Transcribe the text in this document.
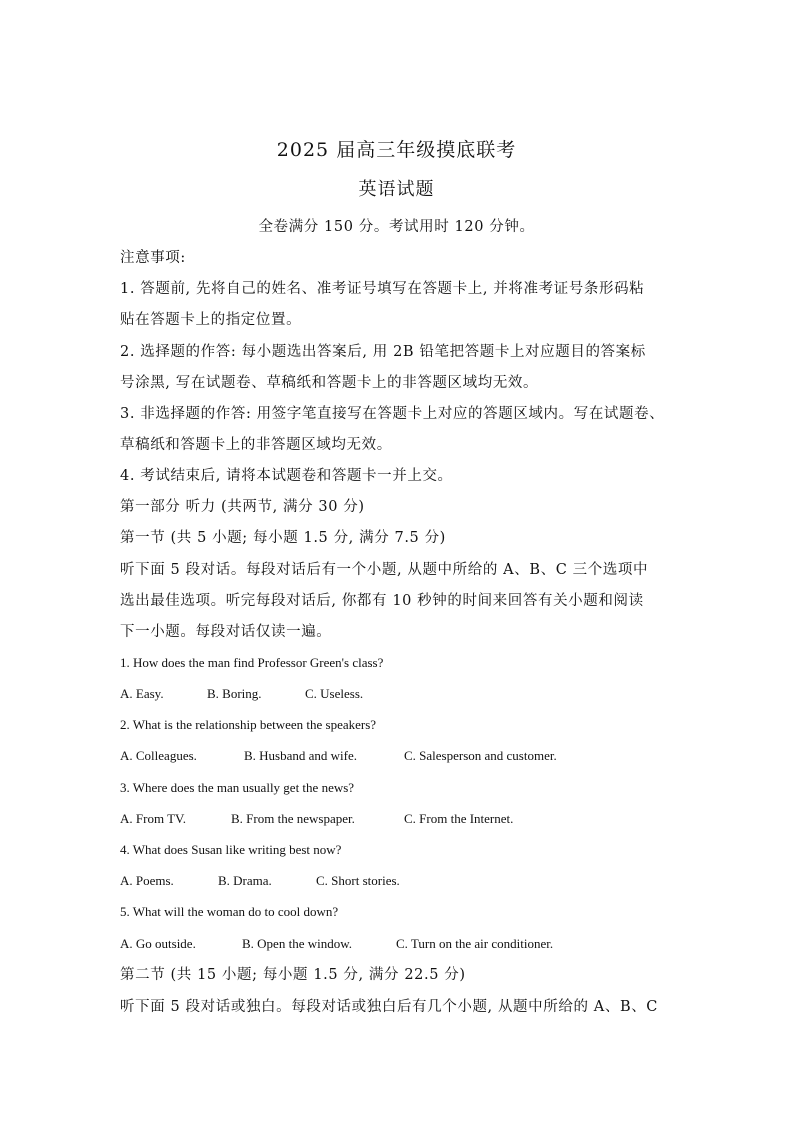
2025 届高三年级摸底联考
英语试题
全卷满分 150 分。考试用时 120 分钟。
注意事项:
1. 答题前, 先将自己的姓名、准考证号填写在答题卡上, 并将准考证号条形码粘
贴在答题卡上的指定位置。
2. 选择题的作答: 每小题选出答案后, 用 2B 铅笔把答题卡上对应题目的答案标
号涂黑, 写在试题卷、草稿纸和答题卡上的非答题区域均无效。
3. 非选择题的作答: 用签字笔直接写在答题卡上对应的答题区域内。写在试题卷、
草稿纸和答题卡上的非答题区域均无效。
4. 考试结束后, 请将本试题卷和答题卡一并上交。
第一部分 听力 (共两节, 满分 30 分)
第一节 (共 5 小题; 每小题 1.5 分, 满分 7.5 分)
听下面 5 段对话。每段对话后有一个小题, 从题中所给的 A、B、C 三个选项中
选出最佳选项。听完每段对话后, 你都有 10 秒钟的时间来回答有关小题和阅读
下一小题。每段对话仅读一遍。
1. How does the man find Professor Green's class?
A. Easy.	B. Boring.	C. Useless.
2. What is the relationship between the speakers?
A. Colleagues.	B. Husband and wife.	C. Salesperson and customer.
3. Where does the man usually get the news?
A. From TV.	B. From the newspaper.	C. From the Internet.
4. What does Susan like writing best now?
A. Poems.	B. Drama.	C. Short stories.
5. What will the woman do to cool down?
A. Go outside.	B. Open the window.	C. Turn on the air conditioner.
第二节 (共 15 小题; 每小题 1.5 分, 满分 22.5 分)
听下面 5 段对话或独白。每段对话或独白后有几个小题, 从题中所给的 A、B、C
